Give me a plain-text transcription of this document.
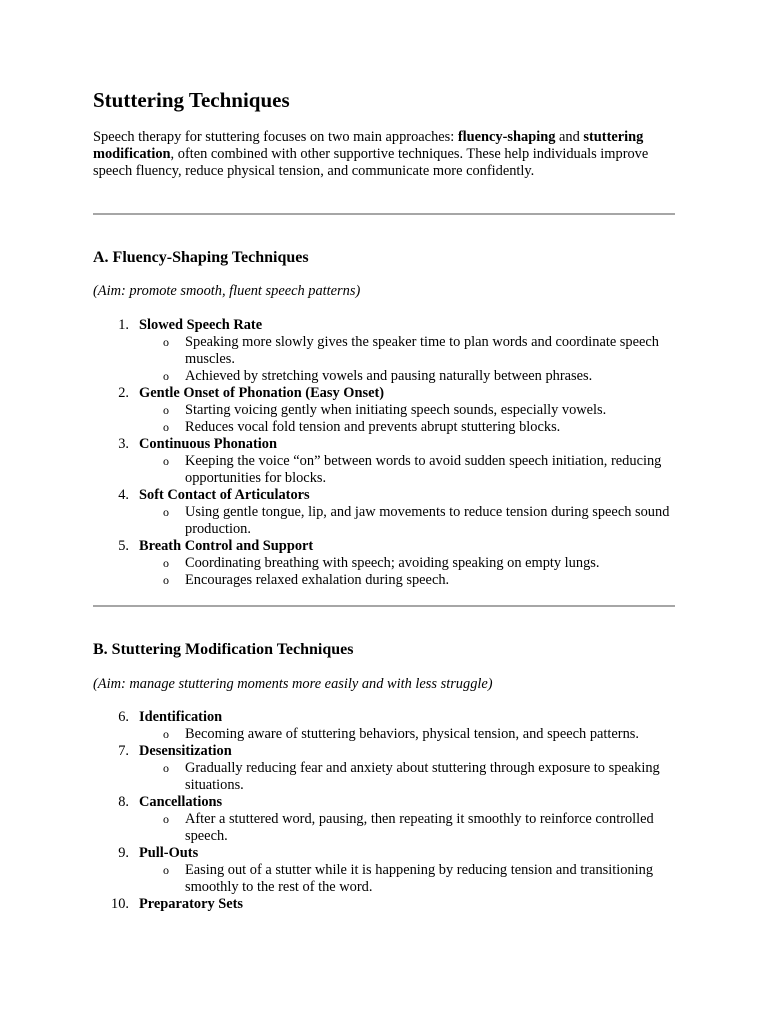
Stuttering Techniques

Speech therapy for stuttering focuses on two main approaches: fluency-shaping and stuttering modification, often combined with other supportive techniques. These help individuals improve speech fluency, reduce physical tension, and communicate more confidently.

A. Fluency-Shaping Techniques

(Aim: promote smooth, fluent speech patterns)

1. Slowed Speech Rate
o Speaking more slowly gives the speaker time to plan words and coordinate speech muscles.
o Achieved by stretching vowels and pausing naturally between phrases.
2. Gentle Onset of Phonation (Easy Onset)
o Starting voicing gently when initiating speech sounds, especially vowels.
o Reduces vocal fold tension and prevents abrupt stuttering blocks.
3. Continuous Phonation
o Keeping the voice “on” between words to avoid sudden speech initiation, reducing opportunities for blocks.
4. Soft Contact of Articulators
o Using gentle tongue, lip, and jaw movements to reduce tension during speech sound production.
5. Breath Control and Support
o Coordinating breathing with speech; avoiding speaking on empty lungs.
o Encourages relaxed exhalation during speech.
B. Stuttering Modification Techniques

(Aim: manage stuttering moments more easily and with less struggle)

6. Identification
o Becoming aware of stuttering behaviors, physical tension, and speech patterns.
7. Desensitization
o Gradually reducing fear and anxiety about stuttering through exposure to speaking situations.
8. Cancellations
o After a stuttered word, pausing, then repeating it smoothly to reinforce controlled speech.
9. Pull-Outs
o Easing out of a stutter while it is happening by reducing tension and transitioning smoothly to the rest of the word.
10. Preparatory Sets
